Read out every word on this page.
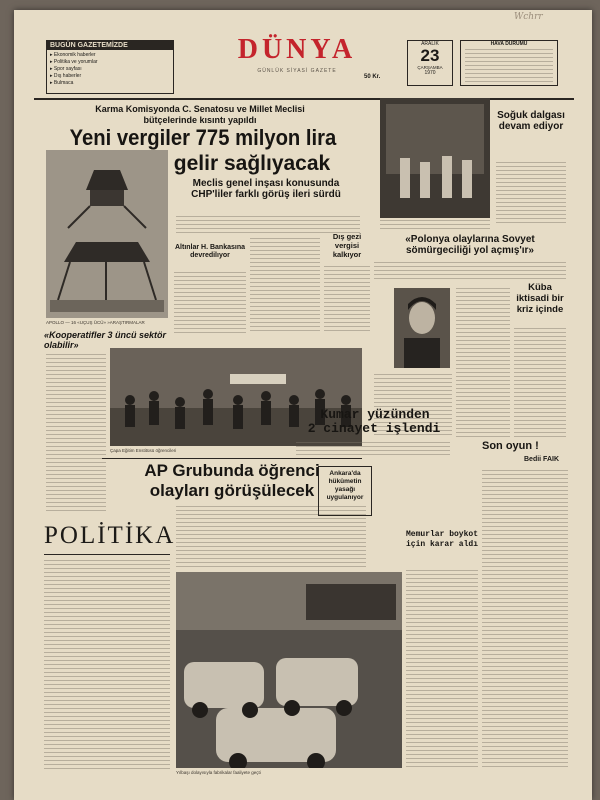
Wchrr
BUGÜN GAZETEMİZDE
▸ Ekonomik haberler
▸ Politika ve yorumlar
▸ Spor sayfası
▸ Dış haberler
▸ Bulmaca
DÜNYA
GÜNLÜK SİYASİ GAZETE
50 Kr.
ARALIK
23
ÇARŞAMBA
1970
HAVA DURUMU
Karma Komisyonda C. Senatosu ve Millet Meclisi bütçelerinde kısıntı yapıldı
Yeni vergiler 775 milyon lira
gelir sağlıyacak
APOLLO — 16 «UÇUŞ ÜCÜ» »ARAŞTIRMALAR
Meclis genel inşası konusunda CHP'liler farklı görüş ileri sürdü
Altınlar H. Bankasına devredilıyor
Dış gezi vergisi kalkıyor
«Kooperatifler 3 üncü sektör olabilir»
Çapa Eğitim Enstitüsü öğrencileri
Soğuk dalgası devam ediyor
«Polonya olaylarına Sovyet sömürgeciliği yol açmış'ır»
Küba iktisadi bir kriz içinde
Kumar yüzünden
2 cinayet işlendi
AP Grubunda öğrenci
olayları görüşülecek
POLİTİKA
Ankara'da hükûmetin yasağı uygulanıyor
Yılbaşı dolayısıyla fabrikalar faaliyete geçti
Memurlar boykot için karar aldı
Son oyun !
Bedii FAIK
